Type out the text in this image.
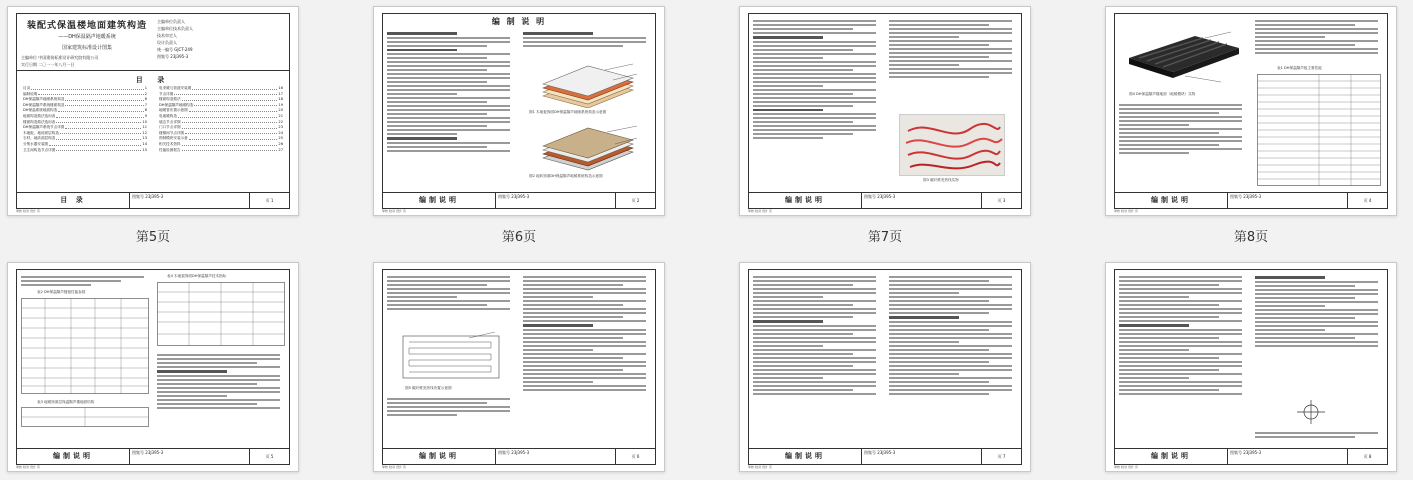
装配式保温楼地面建筑构造
——DH保温隔声地暖系统
国家建筑标准设计图集
主编单位 中国建筑标准设计研究院有限公司
实行日期 二〇一一年八月一日
主编单位负责人
主编单位技术负责人
技术审定人
设计负责人
统一编号 GJCT-249
图集号 23J395-3
目 录
目录	1
编制说明	2
DH保温隔声地暖系统构造	6
DH保温隔声系统楼面构造	7
DH保温系统地面构造	8
地面构造做法选用表	9
楼面构造做法选用表	10
DH保温隔声系统节点详图	11
木地板、地砖面层构造	12
石材、地砖面层构造	13
分集水器安装图	14
卫生间构造节点详图	15
电采暖与管道安装图	16
节点详图	17
楼面构造做法	18
DH保温隔声地暖构造	19
地暖管布置示意图	20
电地暖构造	21
墙边节点详图	22
门口节点详图	23
楼梯间节点详图	24
预制模块安装示意	25
相关技术资料	26
性能检测报告	27
目 录	图集号 23J395-3
页 1
审核 校对 设计 页
第5页
编 制 说 明
图1 木地板饰面DH保温隔声地暖系统构造示意图
图2 地砖饰面DH保温隔声地暖系统构造示意图
编制说明	图集号 23J395-3
页 2
审核 校对 设计 页
第6页
图3 碳纤维发热线实物
编制说明	图集号 23J395-3
页 3
审核 校对 设计 页
第7页
图4 DH保温隔声楼地面（地暖模块）实物
表1 DH保温隔声板主要性能
编制说明	图集号 23J395-3
页 4
审核 校对 设计 页
第8页
表2 DH保温隔声楼板性能参数
表3 地暖饰面层保温隔声楼地面结构
表4 木地板饰面DH保温隔声技术指标
编制说明	图集号 23J395-3
页 5
审核 校对 设计 页
图5 碳纤维发热线布置示意图
编制说明	图集号 23J395-3
页 6
审核 校对 设计 页
编制说明	图集号 23J395-3
页 7
审核 校对 设计 页
编制说明	图集号 23J395-3
页 8
审核 校对 设计 页
